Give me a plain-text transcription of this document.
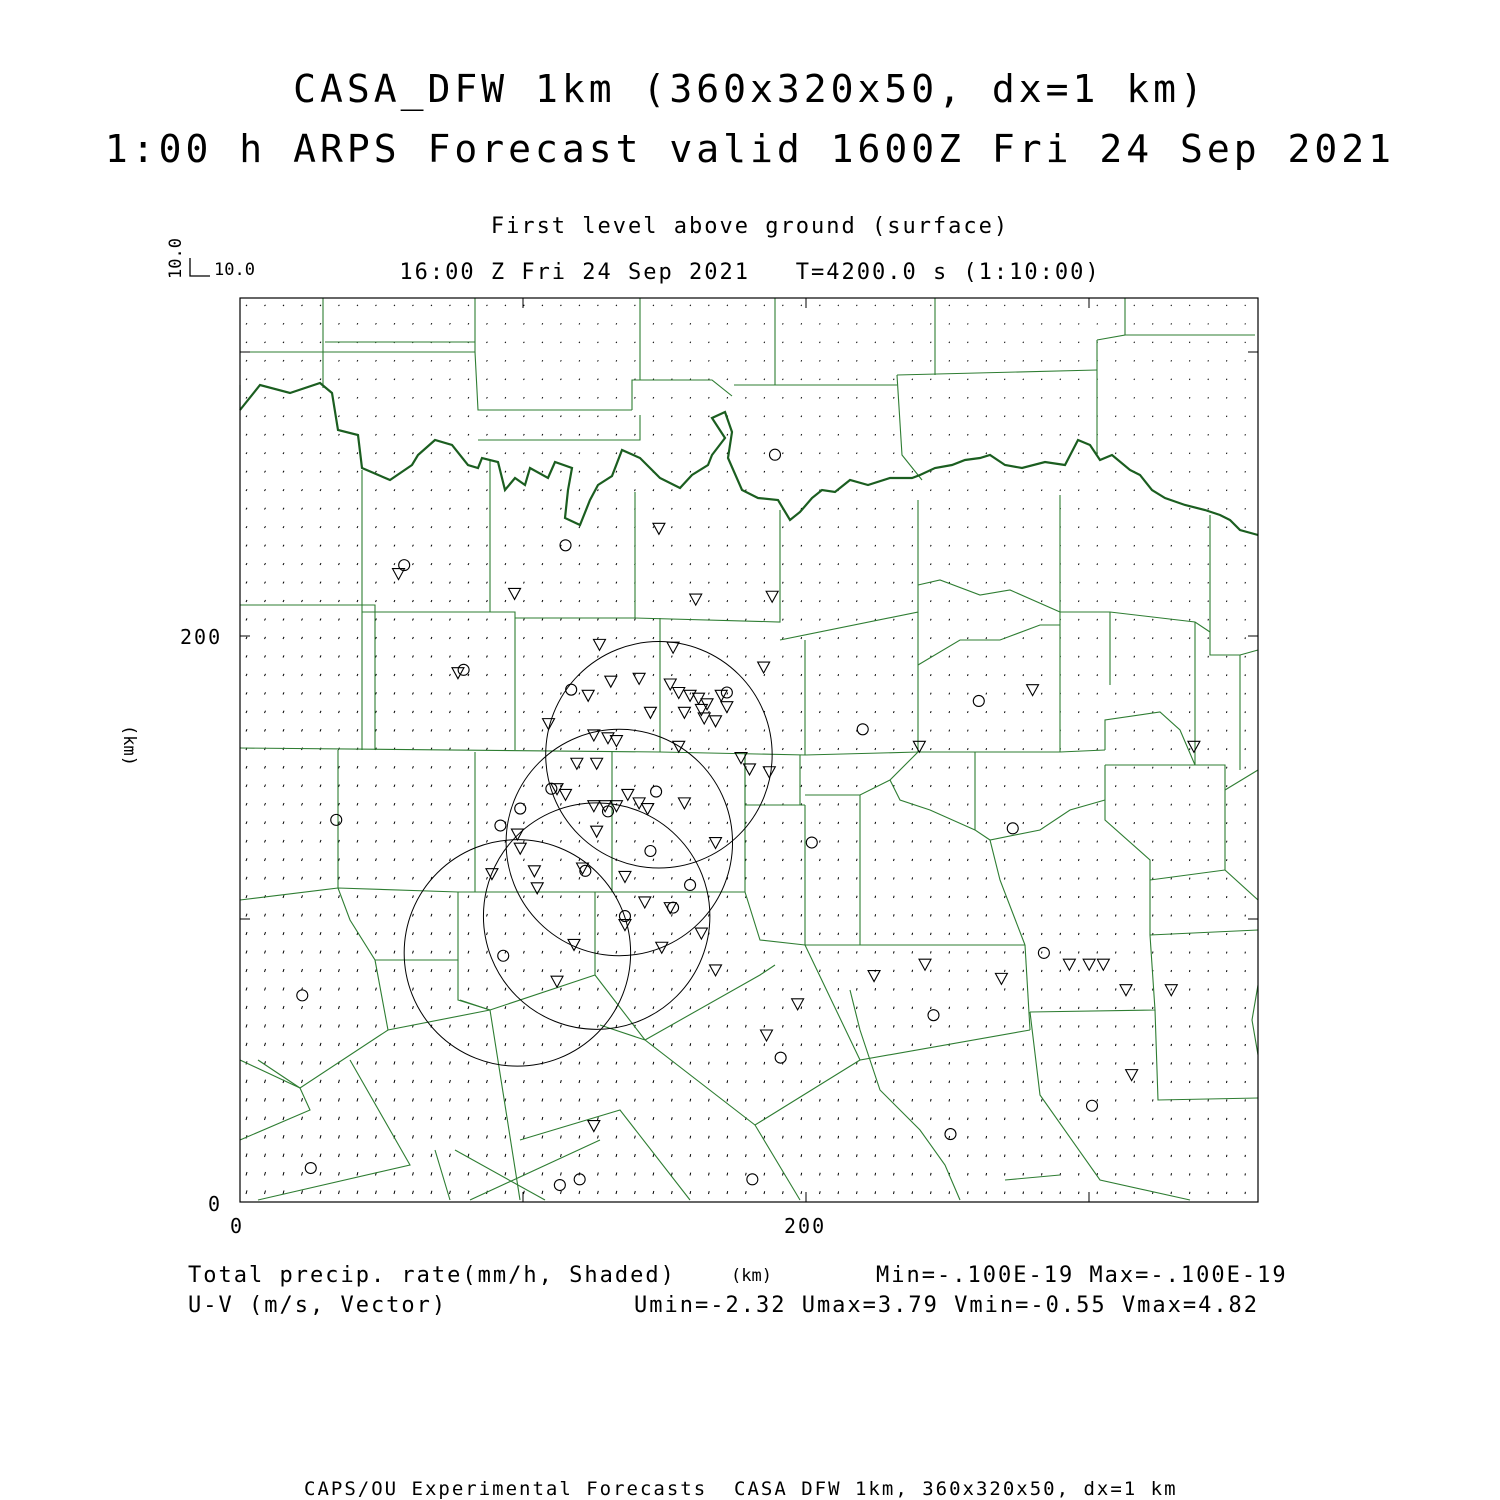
CASA_DFW 1km (360x320x50, dx=1 km)
1:00 h ARPS Forecast valid 1600Z Fri 24 Sep 2021
First level above ground (surface)
16:00 Z Fri 24 Sep 2021   T=4200.0 s (1:10:00)
0	200
0
200
(km)
(km)
10.0
10.0
Total precip. rate(mm/h, Shaded)
U-V (m/s, Vector)
Min=-.100E-19 Max=-.100E-19
Umin=-2.32 Umax=3.79 Vmin=-0.55 Vmax=4.82
CAPS/OU Experimental Forecasts  CASA DFW 1km, 360x320x50, dx=1 km
